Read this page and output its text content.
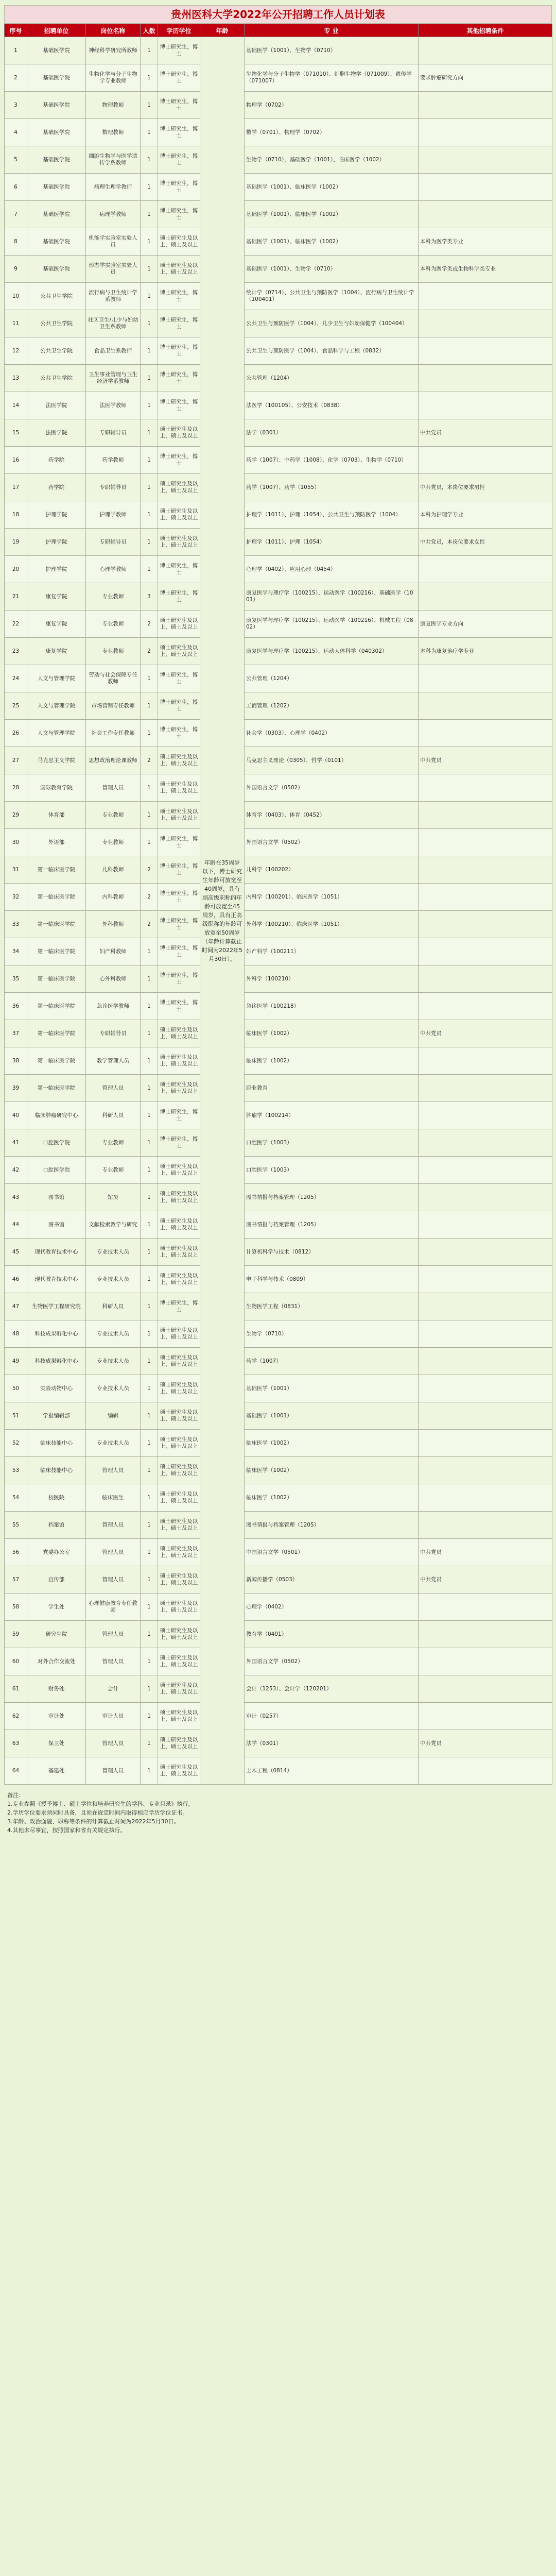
贵州医科大学2022年公开招聘工作人员计划表
序号	招聘单位	岗位名称	人数	学历学位	年龄	专 业	其他招聘条件
1	基础医学院	神经科学研究所教师	1	博士研究生，博士	年龄在35周岁以下，博士研究生年龄可放宽至40周岁，具有副高级职称的年龄可放宽至45周岁，具有正高级职称的年龄可放宽至50周岁（年龄计算截止时间为2022年5月30日）。	基础医学（1001）、生物学（0710）	
2	基础医学院	生物化学与分子生物学专业教师	1	博士研究生，博士		生物化学与分子生物学（071010）、细胞生物学（071009）、遗传学（071007）	要求肿瘤研究方向
3	基础医学院	物理教师	1	博士研究生，博士		物理学（0702）	
4	基础医学院	数理教师	1	博士研究生，博士		数学（0701）、物理学（0702）	
5	基础医学院	细胞生物学与医学遗传学系教师	1	博士研究生，博士		生物学（0710），基础医学（1001）、临床医学（1002）	
6	基础医学院	病理生理学教师	1	博士研究生，博士		基础医学（1001）、临床医学（1002）	
7	基础医学院	病理学教师	1	博士研究生，博士		基础医学（1001）、临床医学（1002）	
8	基础医学院	机能学实验室实验人员	1	硕士研究生及以上，硕士及以上		基础医学（1001）、临床医学（1002）	本科为医学类专业
9	基础医学院	形态学实验室实验人员	1	硕士研究生及以上，硕士及以上		基础医学（1001）、生物学（0710）	本科为医学类或生物科学类专业
10	公共卫生学院	流行病与卫生统计学系教师	1	博士研究生，博士		统计学（0714）、公共卫生与预防医学（1004）、流行病与卫生统计学（100401）	
11	公共卫生学院	社区卫生/儿少与妇幼卫生系教师	1	博士研究生，博士		公共卫生与预防医学（1004）、儿少卫生与妇幼保健学（100404）	
12	公共卫生学院	食品卫生系教师	1	博士研究生，博士		公共卫生与预防医学（1004）、食品科学与工程（0832）	
13	公共卫生学院	卫生事业管理与卫生经济学系教师	1	博士研究生，博士		公共管理（1204）	
14	法医学院	法医学教师	1	博士研究生，博士		法医学（100105）、公安技术（0838）	
15	法医学院	专职辅导员	1	硕士研究生及以上，硕士及以上		法学（0301）	中共党员
16	药学院	药学教师	1	博士研究生，博士		药学（1007）、中药学（1008）、化学（0703）、生物学（0710）	
17	药学院	专职辅导员	1	硕士研究生及以上，硕士及以上		药学（1007）、药学（1055）	中共党员，本岗位要求男性
18	护理学院	护理学教师	1	硕士研究生及以上，硕士及以上		护理学（1011）、护理（1054）、公共卫生与预防医学（1004）	本科为护理学专业
19	护理学院	专职辅导员	1	硕士研究生及以上，硕士及以上		护理学（1011）、护理（1054）	中共党员，本岗位要求女性
20	护理学院	心理学教师	1	博士研究生，博士		心理学（0402）、应用心理（0454）	
21	康复学院	专业教师	3	博士研究生，博士		康复医学与理疗学（100215）、运动医学（100216）、基础医学（1001）	
22	康复学院	专业教师	2	硕士研究生及以上，硕士及以上		康复医学与理疗学（100215）、运动医学（100216）、机械工程（0802）	康复医学专业方向
23	康复学院	专业教师	2	硕士研究生及以上，硕士及以上		康复医学与理疗学（100215）、运动人体科学（040302）	本科为康复治疗学专业
24	人文与管理学院	劳动与社会保障专任教师	1	博士研究生，博士		公共管理（1204）	
25	人文与管理学院	市场营销专任教师	1	博士研究生，博士		工商管理（1202）	
26	人文与管理学院	社会工作专任教师	1	博士研究生，博士		社会学（0303）、心理学（0402）	
27	马克思主义学院	思想政治理论课教师	2	硕士研究生及以上，硕士及以上		马克思主义理论（0305）、哲学（0101）	中共党员
28	国际教育学院	管理人员	1	硕士研究生及以上，硕士及以上		外国语言文学（0502）	
29	体育部	专业教师	1	硕士研究生及以上，硕士及以上		体育学（0403）、体育（0452）	
30	外语部	专业教师	1	博士研究生，博士		外国语言文学（0502）	
31	第一临床医学院	儿科教师	2	博士研究生，博士		儿科学（100202）	
32	第一临床医学院	内科教师	2	博士研究生，博士		内科学（100201）、临床医学（1051）	
33	第一临床医学院	外科教师	2	博士研究生，博士		外科学（100210）、临床医学（1051）	
34	第一临床医学院	妇产科教师	1	博士研究生，博士		妇产科学（100211）	
35	第一临床医学院	心外科教师	1	博士研究生，博士		外科学（100210）	
36	第一临床医学院	急诊医学教师	1	博士研究生，博士		急诊医学（100218）	
37	第一临床医学院	专职辅导员	1	硕士研究生及以上，硕士及以上		临床医学（1002）	中共党员
38	第一临床医学院	教学管理人员	1	硕士研究生及以上，硕士及以上		临床医学（1002）	
39	第一临床医学院	管理人员	1	硕士研究生及以上，硕士及以上		职业教育	
40	临床肿瘤研究中心	科研人员	1	博士研究生，博士		肿瘤学（100214）	
41	口腔医学院	专业教师	1	博士研究生，博士		口腔医学（1003）	
42	口腔医学院	专业教师	1	硕士研究生及以上，硕士及以上		口腔医学（1003）	
43	图书馆	馆员	1	硕士研究生及以上，硕士及以上		图书情报与档案管理（1205）	
44	图书馆	文献检索教学与研究	1	硕士研究生及以上，硕士及以上		图书情报与档案管理（1205）	
45	现代教育技术中心	专业技术人员	1	硕士研究生及以上，硕士及以上		计算机科学与技术（0812）	
46	现代教育技术中心	专业技术人员	1	硕士研究生及以上，硕士及以上		电子科学与技术（0809）	
47	生物医学工程研究院	科研人员	1	博士研究生，博士		生物医学工程（0831）	
48	科技成果孵化中心	专业技术人员	1	硕士研究生及以上，硕士及以上		生物学（0710）	
49	科技成果孵化中心	专业技术人员	1	硕士研究生及以上，硕士及以上		药学（1007）	
50	实验动物中心	专业技术人员	1	硕士研究生及以上，硕士及以上		基础医学（1001）	
51	学报编辑部	编辑	1	硕士研究生及以上，硕士及以上		基础医学（1001）	
52	临床技能中心	专业技术人员	1	硕士研究生及以上，硕士及以上		临床医学（1002）	
53	临床技能中心	管理人员	1	硕士研究生及以上，硕士及以上		临床医学（1002）	
54	校医院	临床医生	1	硕士研究生及以上，硕士及以上		临床医学（1002）	
55	档案馆	管理人员	1	硕士研究生及以上，硕士及以上		图书情报与档案管理（1205）	
56	党委办公室	管理人员	1	硕士研究生及以上，硕士及以上		中国语言文学（0501）	中共党员
57	宣传部	管理人员	1	硕士研究生及以上，硕士及以上		新闻传播学（0503）	中共党员
58	学生处	心理健康教育专任教师	1	硕士研究生及以上，硕士及以上		心理学（0402）	
59	研究生院	管理人员	1	硕士研究生及以上，硕士及以上		教育学（0401）	
60	对外合作交流处	管理人员	1	硕士研究生及以上，硕士及以上		外国语言文学（0502）	
61	财务处	会计	1	硕士研究生及以上，硕士及以上		会计（1253）、会计学（120201）	
62	审计处	审计人员	1	硕士研究生及以上，硕士及以上		审计（0257）	
63	保卫处	管理人员	1	硕士研究生及以上，硕士及以上		法学（0301）	中共党员
64	基建处	管理人员	1	硕士研究生及以上，硕士及以上		土木工程（0814）	
备注：
1.专业参照《授予博士、硕士学位和培养研究生的学科、专业目录》执行。
2.学历学位要求须同时具备，且须在规定时间内取得相应学历学位证书。
3.年龄、政治面貌、职称等条件的计算截止时间为2022年5月30日。
4.其他未尽事宜，按照国家和省有关规定执行。
